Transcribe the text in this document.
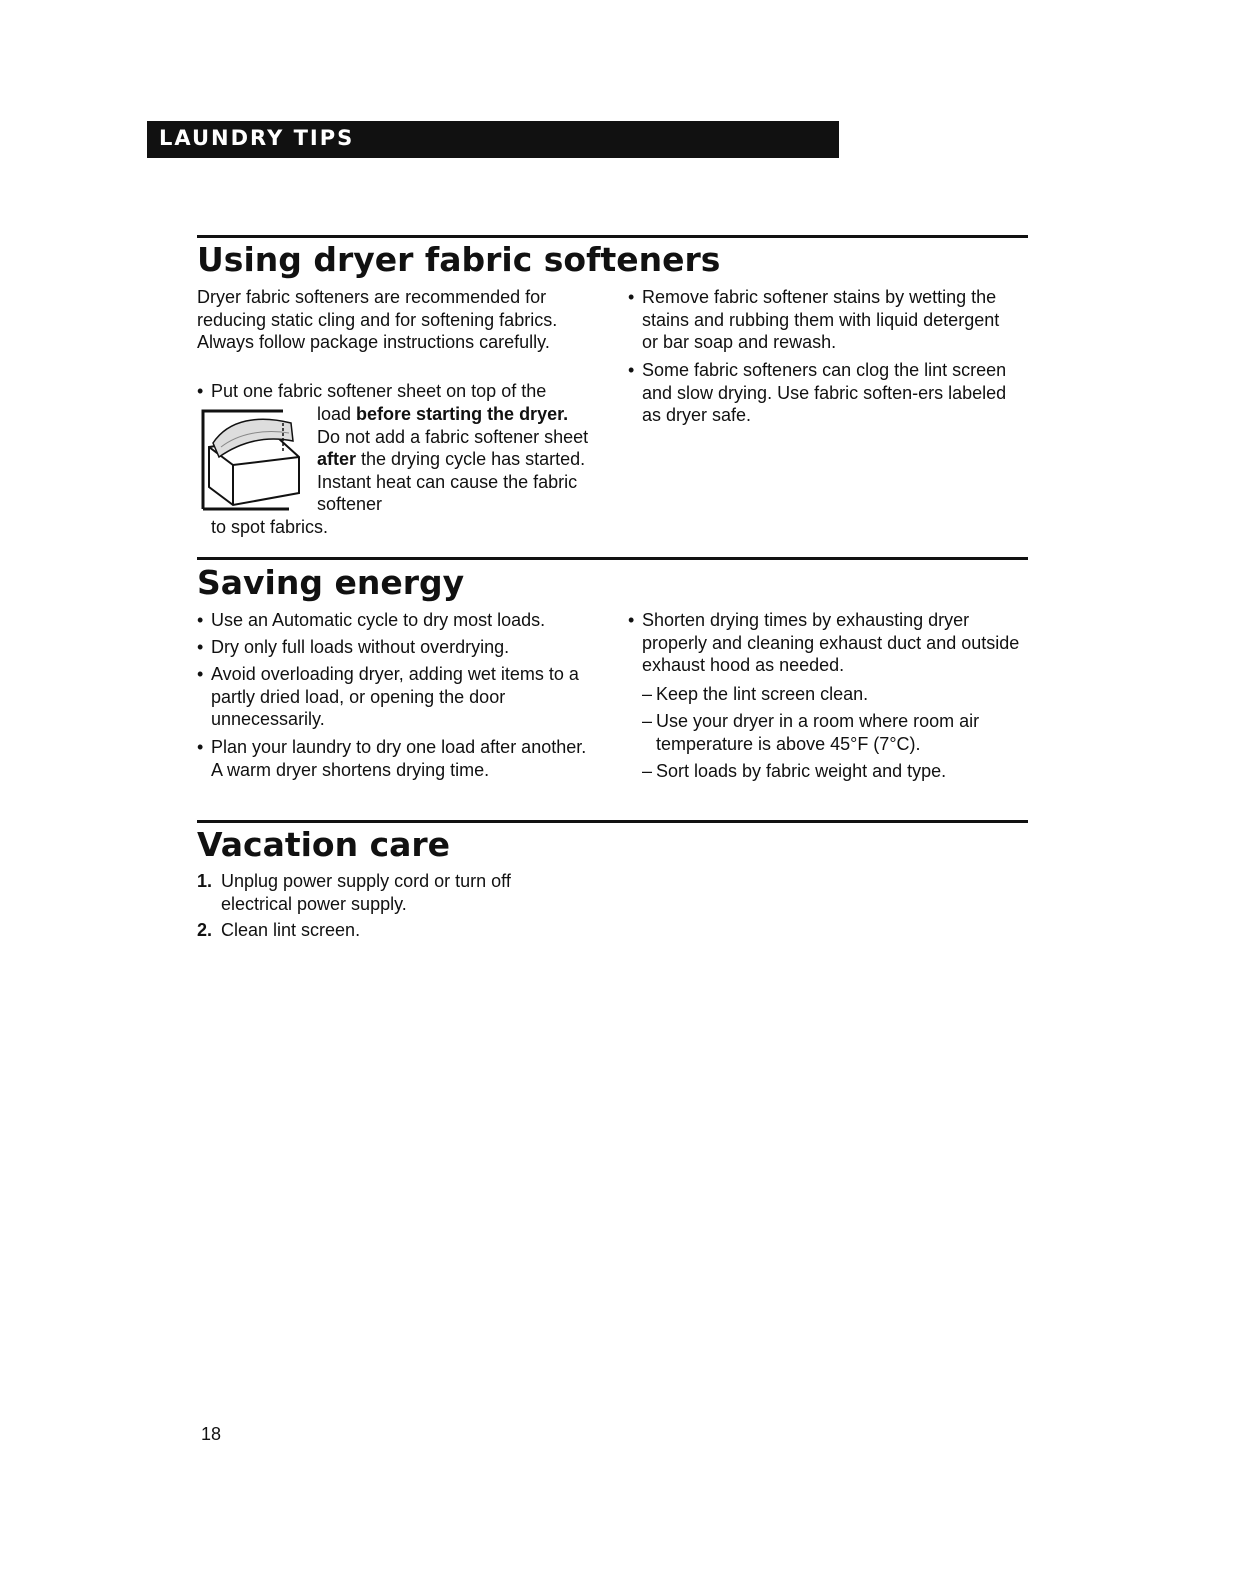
LAUNDRY TIPS
Using dryer fabric softeners

Dryer fabric softeners are recommended for reducing static cling and for softening fabrics. Always follow package instructions carefully.

• Put one fabric softener sheet on top of the

load before starting the dryer. Do not add a fabric softener sheet after the drying cycle has started. Instant heat can cause the fabric softener

to spot fabrics.

• Remove fabric softener stains by wetting the stains and rubbing them with liquid detergent or bar soap and rewash.
• Some fabric softeners can clog the lint screen and slow drying. Use fabric soften-ers labeled as dryer safe.
Saving energy
• Use an Automatic cycle to dry most loads.
• Dry only full loads without overdrying.
• Avoid overloading dryer, adding wet items to a partly dried load, or opening the door unnecessarily.
• Plan your laundry to dry one load after another. A warm dryer shortens drying time.
• Shorten drying times by exhausting dryer properly and cleaning exhaust duct and outside exhaust hood as needed.
– Keep the lint screen clean.
– Use your dryer in a room where room air temperature is above 45°F (7°C).
– Sort loads by fabric weight and type.
Vacation care
1. Unplug power supply cord or turn off electrical power supply.
2. Clean lint screen.
18
